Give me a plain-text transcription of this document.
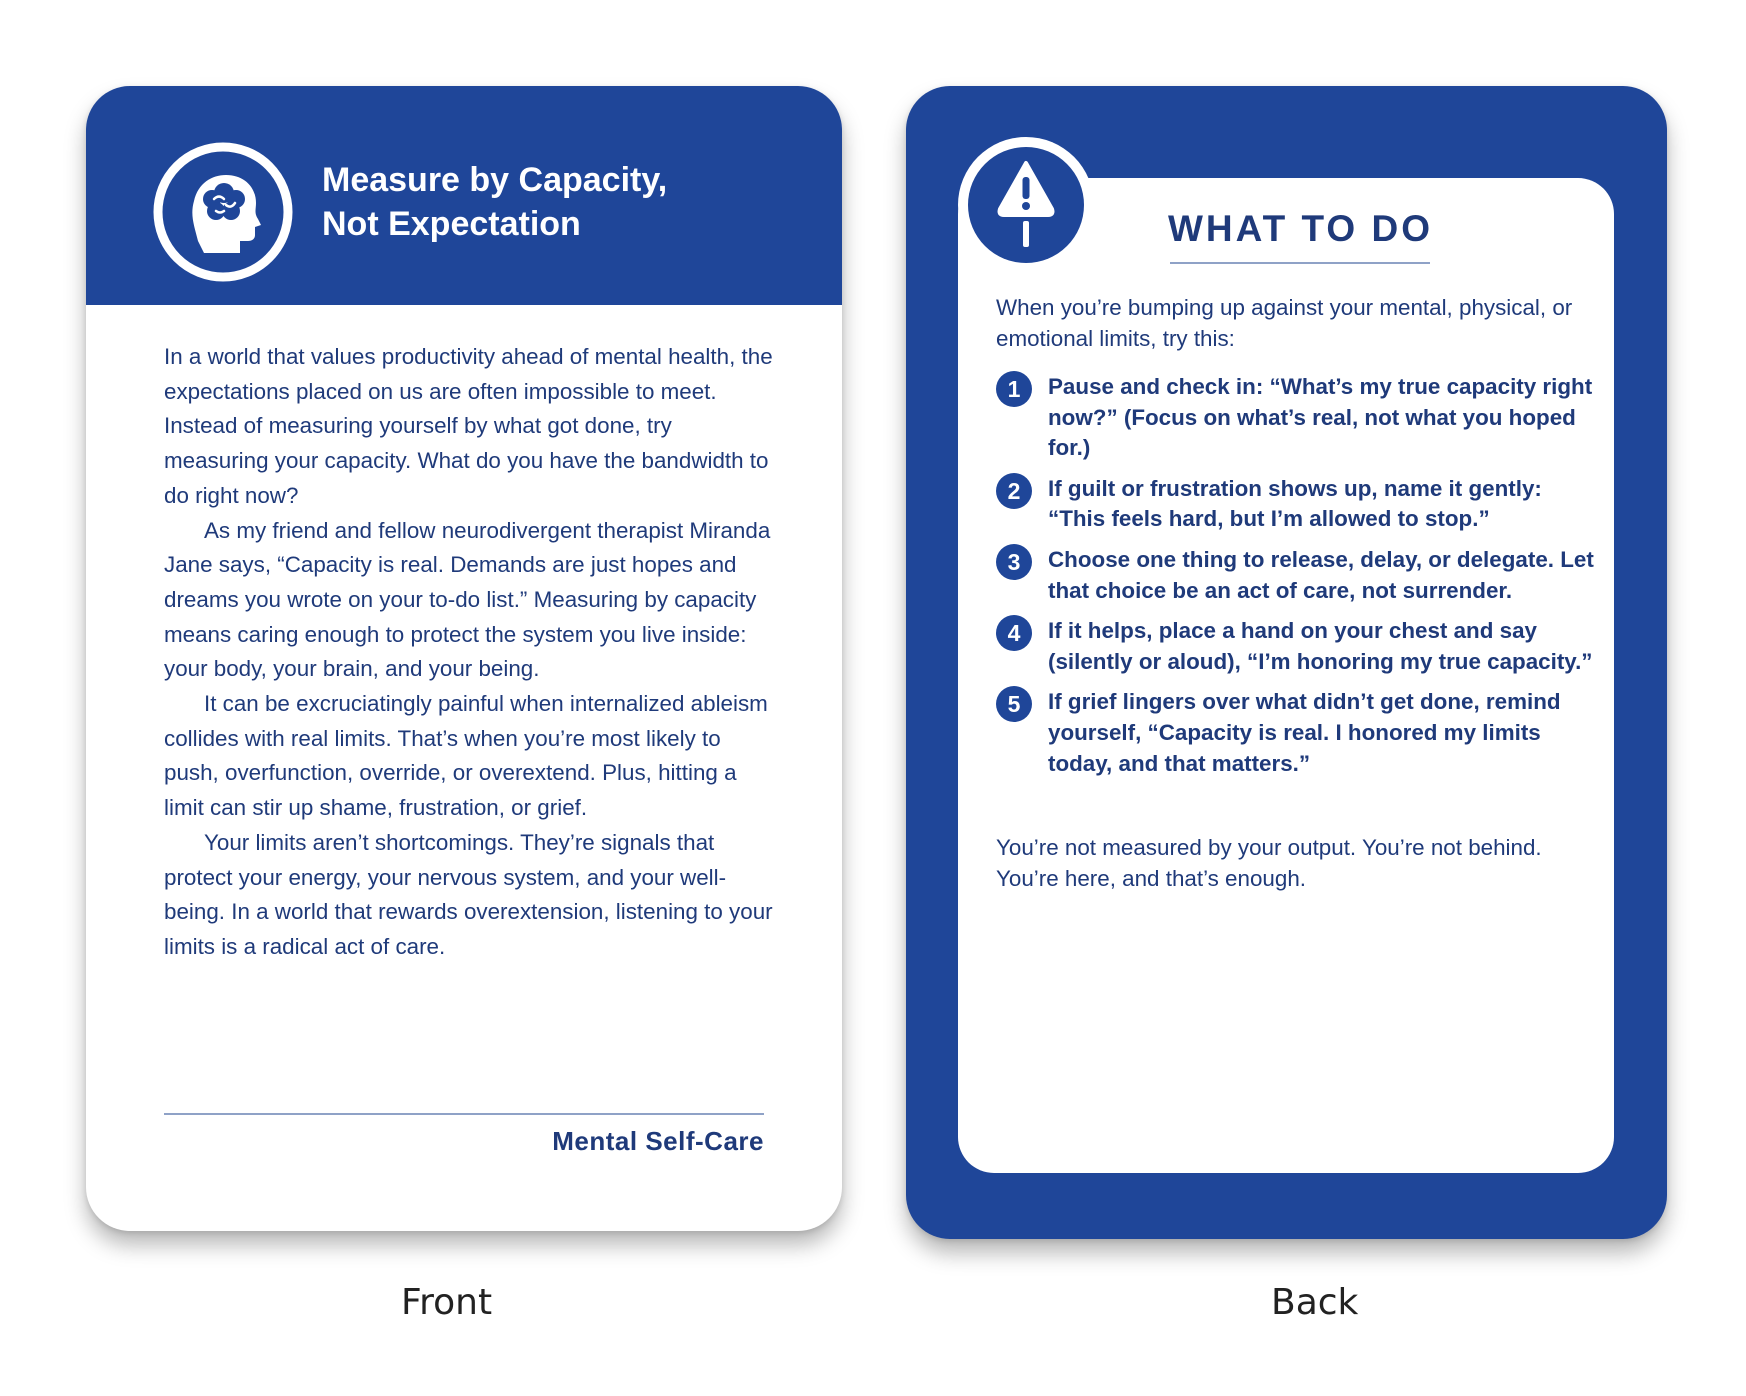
Measure by Capacity,
Not Expectation

In a world that values productivity ahead of mental health, the expectations placed on us are often impossible to meet. Instead of measuring yourself by what got done, try measuring your capacity. What do you have the bandwidth to do right now?

As my friend and fellow neurodivergent therapist Miranda Jane says, “Capacity is real. Demands are just hopes and dreams you wrote on your to-do list.” Measuring by capacity means caring enough to protect the system you live inside: your body, your brain, and your being.

It can be excruciatingly painful when internalized ableism collides with real limits. That’s when you’re most likely to push, overfunction, override, or overextend. Plus, hitting a limit can stir up shame, frustration, or grief.

Your limits aren’t shortcomings. They’re signals that protect your energy, your nervous system, and your well-being. In a world that rewards overextension, listening to your limits is a radical act of care.

Mental Self-Care
WHAT TO DO
When you’re bumping up against your mental, physical, or emotional limits, try this:
1	Pause and check in: “What’s my true capacity right now?” (Focus on what’s real, not what you hoped for.)
2	If guilt or frustration shows up, name it gently: “This feels hard, but I’m allowed to stop.”
3	Choose one thing to release, delay, or delegate. Let that choice be an act of care, not surrender.
4	If it helps, place a hand on your chest and say (silently or aloud), “I’m honoring my true capacity.”
5	If grief lingers over what didn’t get done, remind yourself, “Capacity is real. I honored my limits today, and that matters.”
You’re not measured by your output. You’re not behind. You’re here, and that’s enough.
Front	Back
